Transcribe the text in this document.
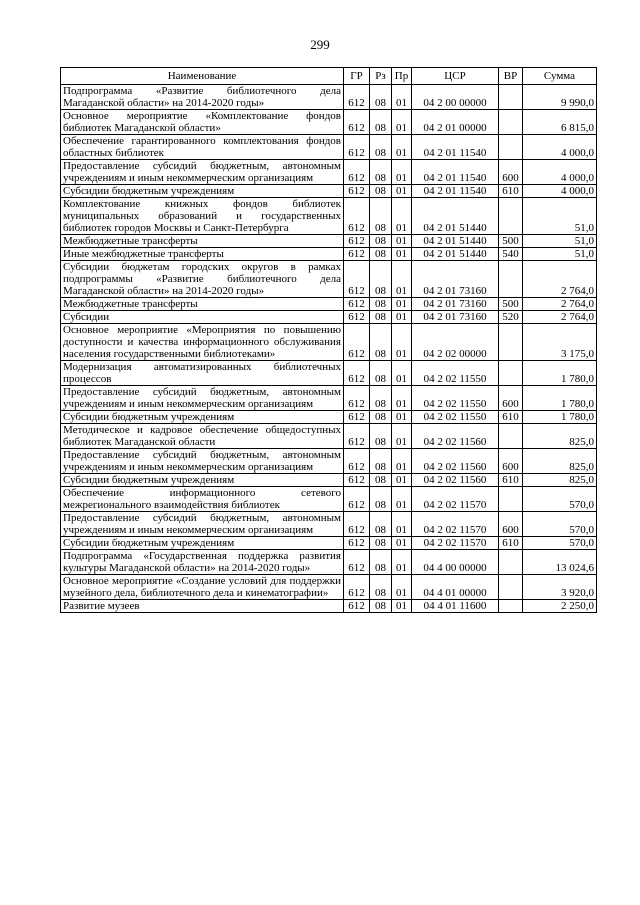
299
Наименование	ГР	Рз	Пр	ЦСР	ВР	Сумма
Подпрограмма «Развитие библиотечного дела Магаданской области» на 2014-2020 годы»	612	08	01	04 2 00 00000		9 990,0
Основное мероприятие «Комплектование фондов библиотек Магаданской области»	612	08	01	04 2 01 00000		6 815,0
Обеспечение гарантированного комплектования фондов областных библиотек	612	08	01	04 2 01 11540		4 000,0
Предоставление субсидий бюджетным, автономным учреждениям и иным некоммерческим организациям	612	08	01	04 2 01 11540	600	4 000,0
Субсидии бюджетным учреждениям	612	08	01	04 2 01 11540	610	4 000,0
Комплектование книжных фондов библиотек муниципальных образований и государственных библиотек городов Москвы и Санкт-Петербурга	612	08	01	04 2 01 51440		51,0
Межбюджетные трансферты	612	08	01	04 2 01 51440	500	51,0
Иные межбюджетные трансферты	612	08	01	04 2 01 51440	540	51,0
Субсидии бюджетам городских округов в рамках подпрограммы «Развитие библиотечного дела Магаданской области» на 2014-2020 годы»	612	08	01	04 2 01 73160		2 764,0
Межбюджетные трансферты	612	08	01	04 2 01 73160	500	2 764,0
Субсидии	612	08	01	04 2 01 73160	520	2 764,0
Основное мероприятие «Мероприятия по повышению доступности и качества информационного обслуживания населения государственными библиотеками»	612	08	01	04 2 02 00000		3 175,0
Модернизация автоматизированных библиотечных процессов	612	08	01	04 2 02 11550		1 780,0
Предоставление субсидий бюджетным, автономным учреждениям и иным некоммерческим организациям	612	08	01	04 2 02 11550	600	1 780,0
Субсидии бюджетным учреждениям	612	08	01	04 2 02 11550	610	1 780,0
Методическое и кадровое обеспечение общедоступных библиотек Магаданской области	612	08	01	04 2 02 11560		825,0
Предоставление субсидий бюджетным, автономным учреждениям и иным некоммерческим организациям	612	08	01	04 2 02 11560	600	825,0
Субсидии бюджетным учреждениям	612	08	01	04 2 02 11560	610	825,0
Обеспечение информационного сетевого межрегионального взаимодействия библиотек	612	08	01	04 2 02 11570		570,0
Предоставление субсидий бюджетным, автономным учреждениям и иным некоммерческим организациям	612	08	01	04 2 02 11570	600	570,0
Субсидии бюджетным учреждениям	612	08	01	04 2 02 11570	610	570,0
Подпрограмма «Государственная поддержка развития культуры Магаданской области» на 2014-2020 годы»	612	08	01	04 4 00 00000		13 024,6
Основное мероприятие «Создание условий для поддержки музейного дела, библиотечного дела и кинематографии»	612	08	01	04 4 01 00000		3 920,0
Развитие музеев	612	08	01	04 4 01 11600		2 250,0
